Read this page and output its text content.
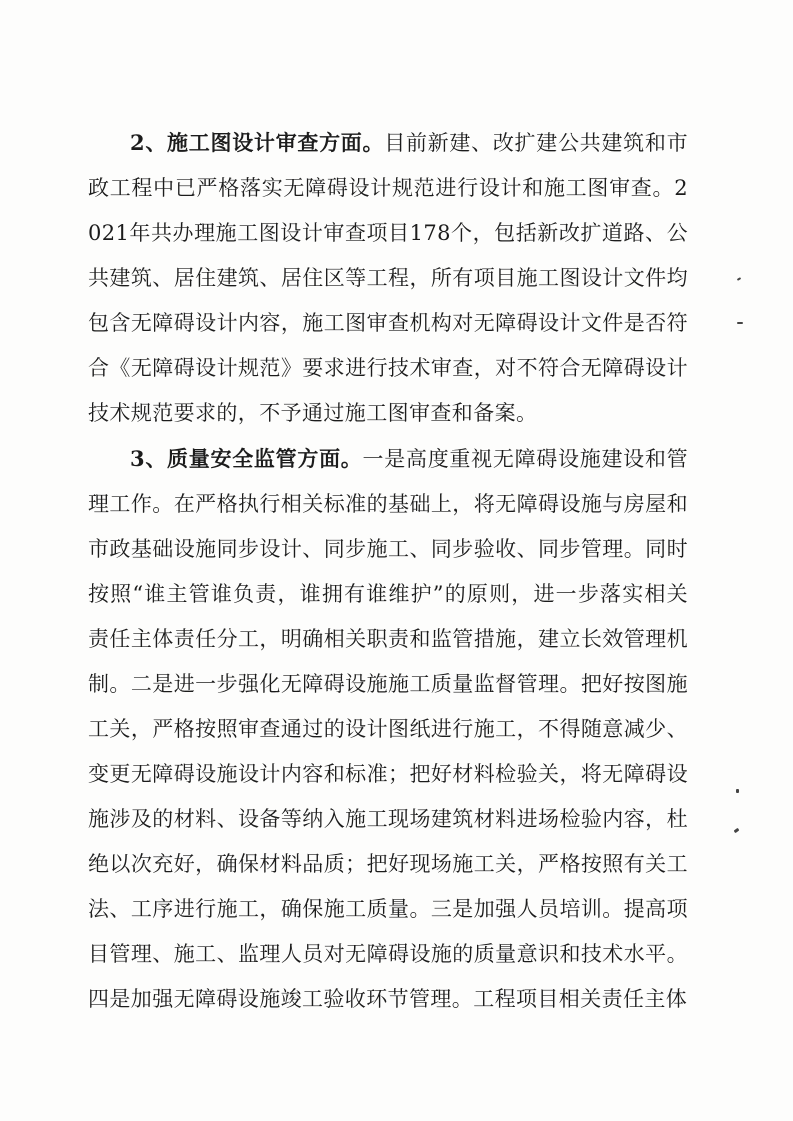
2、施工图设计审查方面。目前新建、改扩建公共建筑和市政工程中已严格落实无障碍设计规范进行设计和施工图审查。2021年共办理施工图设计审查项目178个，包括新改扩道路、公共建筑、居住建筑、居住区等工程，所有项目施工图设计文件均包含无障碍设计内容，施工图审查机构对无障碍设计文件是否符合《无障碍设计规范》要求进行技术审查，对不符合无障碍设计技术规范要求的，不予通过施工图审查和备案。

3、质量安全监管方面。一是高度重视无障碍设施建设和管理工作。在严格执行相关标准的基础上，将无障碍设施与房屋和市政基础设施同步设计、同步施工、同步验收、同步管理。同时按照“谁主管谁负责，谁拥有谁维护”的原则，进一步落实相关责任主体责任分工，明确相关职责和监管措施，建立长效管理机制。二是进一步强化无障碍设施施工质量监督管理。把好按图施工关，严格按照审查通过的设计图纸进行施工，不得随意减少、变更无障碍设施设计内容和标准；把好材料检验关，将无障碍设施涉及的材料、设备等纳入施工现场建筑材料进场检验内容，杜绝以次充好，确保材料品质；把好现场施工关，严格按照有关工法、工序进行施工，确保施工质量。三是加强人员培训。提高项目管理、施工、监理人员对无障碍设施的质量意识和技术水平。四是加强无障碍设施竣工验收环节管理。工程项目相关责任主体
